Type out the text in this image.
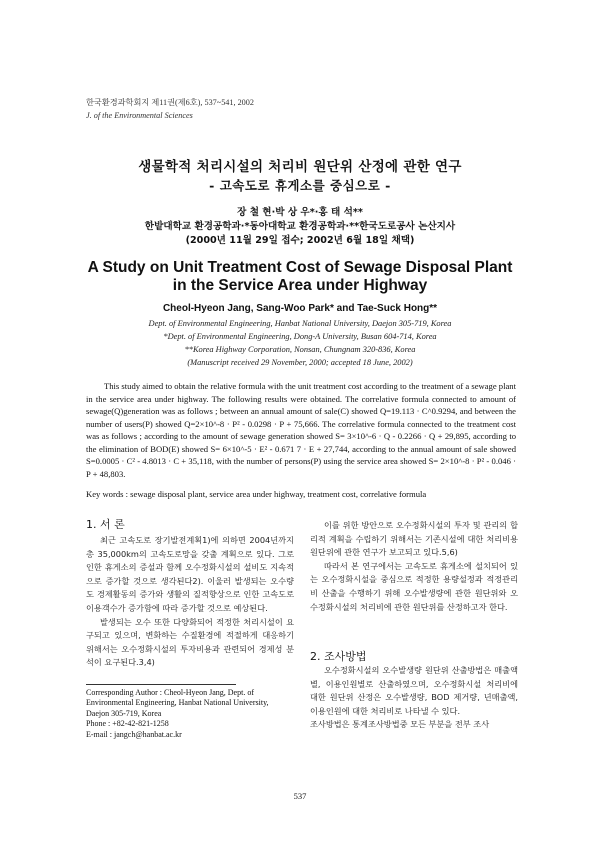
한국환경과학회지 제11권(제6호), 537~541, 2002
J. of the Environmental Sciences
생물학적 처리시설의 처리비 원단위 산정에 관한 연구
- 고속도로 휴게소를 중심으로 -
장 철 현·박 상 우*·홍 태 석**
한밭대학교 환경공학과·*동아대학교 환경공학과·**한국도로공사 논산지사
(2000년 11월 29일 접수; 2002년 6월 18일 채택)
A Study on Unit Treatment Cost of Sewage Disposal Plant
in the Service Area under Highway
Cheol-Hyeon Jang, Sang-Woo Park* and Tae-Suck Hong**
Dept. of Environmental Engineering, Hanbat National University, Daejon 305-719, Korea
*Dept. of Environmental Engineering, Dong-A University, Busan 604-714, Korea
**Korea Highway Corporation, Nonsan, Chungnam 320-836, Korea
(Manuscript received 29 November, 2000; accepted 18 June, 2002)

This study aimed to obtain the relative formula with the unit treatment cost according to the treatment of a sewage plant in the service area under highway. The following results were obtained. The correlative formula connected to amount of sewage(Q)generation was as follows ; between an annual amount of sale(C) showed Q=19.113 · C^0.9294, and between the number of users(P) showed Q=2×10^-8 · P² - 0.0298 · P + 75,666. The correlative formula connected to the treatment cost was as follows ; according to the amount of sewage generation showed S= 3×10^-6 · Q - 0.2266 · Q + 29,895, according to the elimination of BOD(E) showed S= 6×10^-5 · E² - 0.671 7 · E + 27,744, according to the annual amount of sale showed S=0.0005 · C² - 4.8013 · C + 35,118, with the number of persons(P) using the service area showed S= 2×10^-8 · P² - 0.046 · P + 48,803.

Key words : sewage disposal plant, service area under highway, treatment cost, correlative formula
1. 서 론

최근 고속도로 장기발전계획1)에 의하면 2004년까지 총 35,000km의 고속도로망을 갖출 계획으로 있다. 그로 인한 휴게소의 증설과 함께 오수정화시설의 설비도 지속적으로 증가할 것으로 생각된다2). 이울러 발생되는 오수량도 경제활동의 증가와 생활의 질적향상으로 인한 고속도로 이용객수가 증가함에 따라 증가할 것으로 예상된다.

발생되는 오수 또한 다양화되어 적정한 처리시설이 요구되고 있으며, 변화하는 수질환경에 적절하게 대응하기 위해서는 오수정화시설의 투자비용과 관련되어 경제성 분석이 요구된다.3,4)

이를 위한 방안으로 오수정화시설의 투자 및 관리의 합리적 계획을 수립하기 위해서는 기존시설에 대한 처리비용 원단위에 관한 연구가 보고되고 있다.5,6)

따라서 본 연구에서는 고속도로 휴게소에 설치되어 있는 오수정화시설을 중심으로 적정한 용량설정과 적정관리비 산출을 수행하기 위해 오수발생량에 관한 원단위와 오수정화시설의 처리비에 관한 원단위를 산정하고자 한다.

2. 조사방법

오수정화시설의 오수발생량 원단위 산출방법은 매출액별, 이용인원별로 산출하였으며, 오수정화시설 처리비에 대한 원단위 산정은 오수발생량, BOD 제거량, 년매출액, 이용인원에 대한 처리비로 나타낼 수 있다.

조사방법은 통계조사방법중 모든 부분을 전부 조사

Corresponding Author : Cheol-Hyeon Jang, Dept. of Environmental Engineering, Hanbat National University, Daejon 305-719, Korea
Phone : +82-42-821-1258
E-mail : jangch@hanbat.ac.kr
537
